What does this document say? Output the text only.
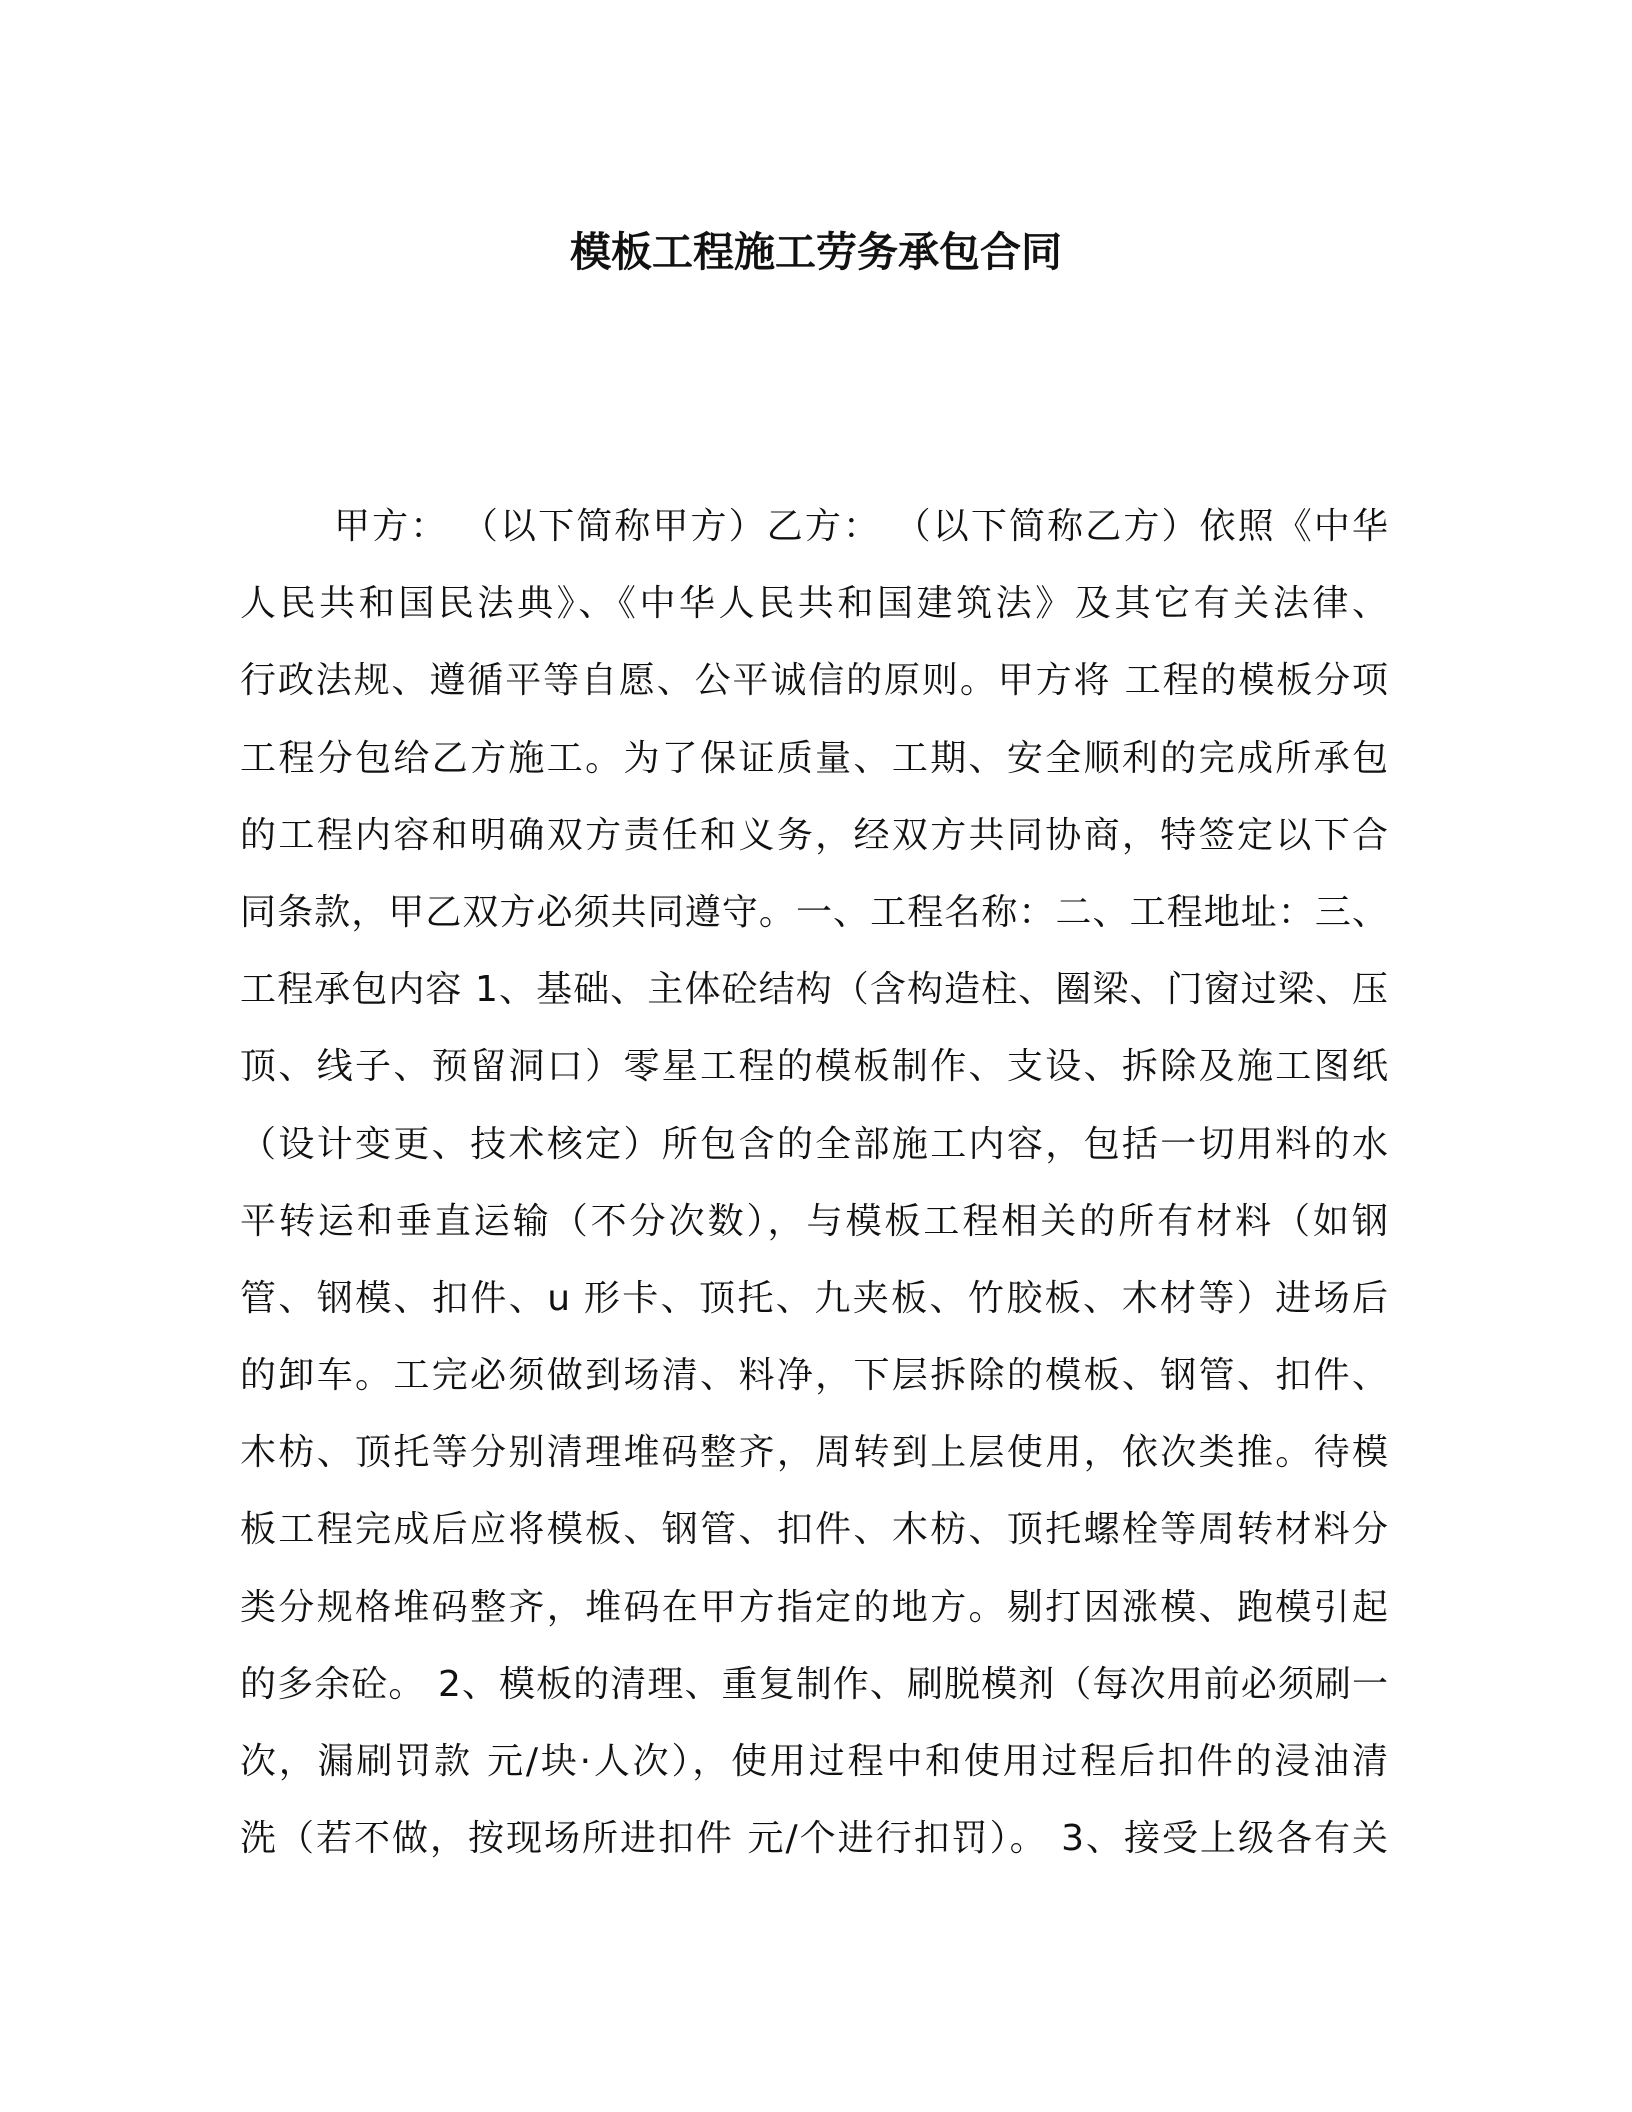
模板工程施工劳务承包合同
甲方： （以下简称甲方）乙方： （以下简称乙方）依照《中华
人民共和国民法典》、《中华人民共和国建筑法》及其它有关法律、
行政法规、遵循平等自愿、公平诚信的原则。甲方将 工程的模板分项
工程分包给乙方施工。为了保证质量、工期、安全顺利的完成所承包
的工程内容和明确双方责任和义务，经双方共同协商，特签定以下合
同条款，甲乙双方必须共同遵守。一、工程名称：二、工程地址：三、
工程承包内容 1、基础、主体砼结构（含构造柱、圈梁、门窗过梁、压
顶、线子、预留洞口）零星工程的模板制作、支设、拆除及施工图纸
（设计变更、技术核定）所包含的全部施工内容，包括一切用料的水
平转运和垂直运输（不分次数），与模板工程相关的所有材料（如钢
管、钢模、扣件、u 形卡、顶托、九夹板、竹胶板、木材等）进场后
的卸车。工完必须做到场清、料净，下层拆除的模板、钢管、扣件、
木枋、顶托等分别清理堆码整齐，周转到上层使用，依次类推。待模
板工程完成后应将模板、钢管、扣件、木枋、顶托螺栓等周转材料分
类分规格堆码整齐，堆码在甲方指定的地方。剔打因涨模、跑模引起
的多余砼。 2、模板的清理、重复制作、刷脱模剂（每次用前必须刷一
次，漏刷罚款 元/块·人次），使用过程中和使用过程后扣件的浸油清
洗（若不做，按现场所进扣件 元/个进行扣罚）。 3、接受上级各有关
